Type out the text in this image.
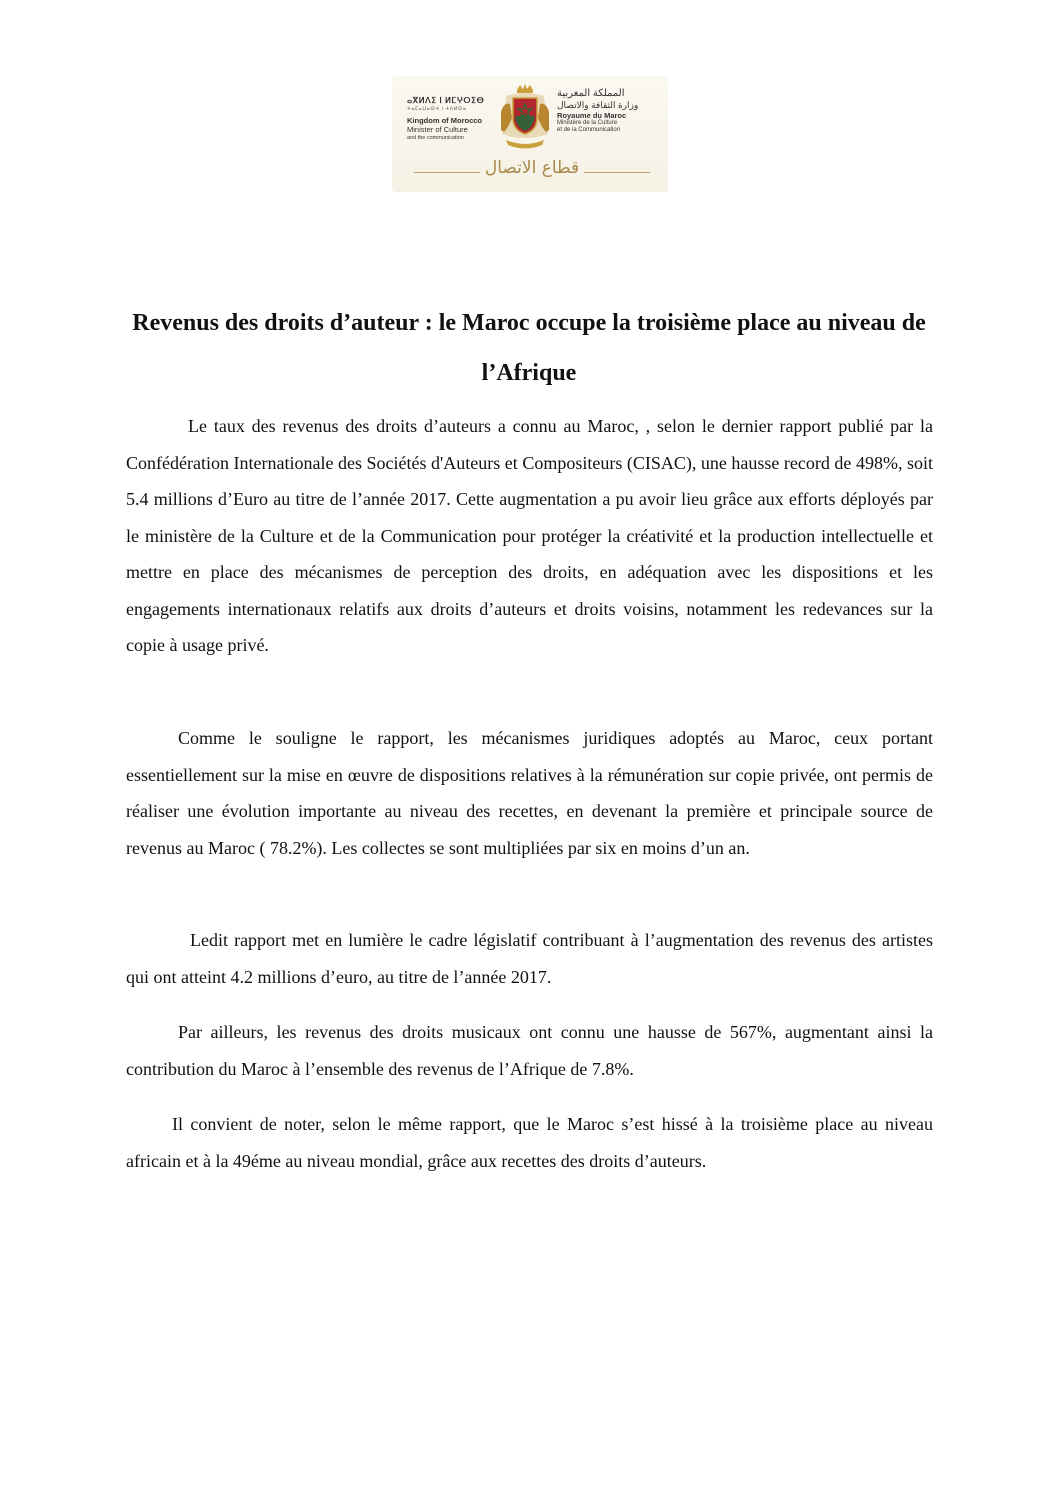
ⴰⴳⵍⴷⵉ ⵏ ⵍⵎⵖⵔⵉⴱ
ⵜⴰⵎⴰⵡⴰⵙⵜ ⵏ ⵜⴷⵍⵙⴰ
Kingdom of Morocco
Minister of Culture
and the communication
المملكة المغربية
وزارة الثقافة والاتصال
Royaume du Maroc
Ministère de la Culture
et de la Communication
قطاع الاتصال
Revenus des droits d’auteur : le Maroc occupe la troisième place au niveau de l’Afrique

Le taux des revenus des droits d’auteurs a connu au Maroc, , selon le dernier rapport publié par la Confédération Internationale des Sociétés d'Auteurs et Compositeurs (CISAC), une hausse record de 498%, soit 5.4 millions d’Euro au titre de l’année 2017. Cette augmentation a pu avoir lieu grâce aux efforts déployés par le ministère de la Culture et de la Communication pour protéger la créativité et la production intellectuelle et mettre en place des mécanismes de perception des droits, en adéquation avec les dispositions et les engagements internationaux relatifs aux droits d’auteurs et droits voisins, notamment les redevances sur la copie à usage privé.

Comme le souligne le rapport, les mécanismes juridiques adoptés au Maroc, ceux portant essentiellement sur la mise en œuvre de dispositions relatives à la rémunération sur copie privée, ont permis de réaliser une évolution importante au niveau des recettes, en devenant la première et principale source de revenus au Maroc ( 78.2%). Les collectes se sont multipliées par six en moins d’un an.

Ledit rapport met en lumière le cadre législatif contribuant à l’augmentation des revenus des artistes qui ont atteint 4.2 millions d’euro, au titre de l’année 2017.

Par ailleurs, les revenus des droits musicaux ont connu une hausse de 567%, augmentant ainsi la contribution du Maroc à l’ensemble des revenus de l’Afrique de 7.8%.

Il convient de noter, selon le même rapport, que le Maroc s’est hissé à la troisième place au niveau africain et à la 49éme au niveau mondial, grâce aux recettes des droits d’auteurs.
